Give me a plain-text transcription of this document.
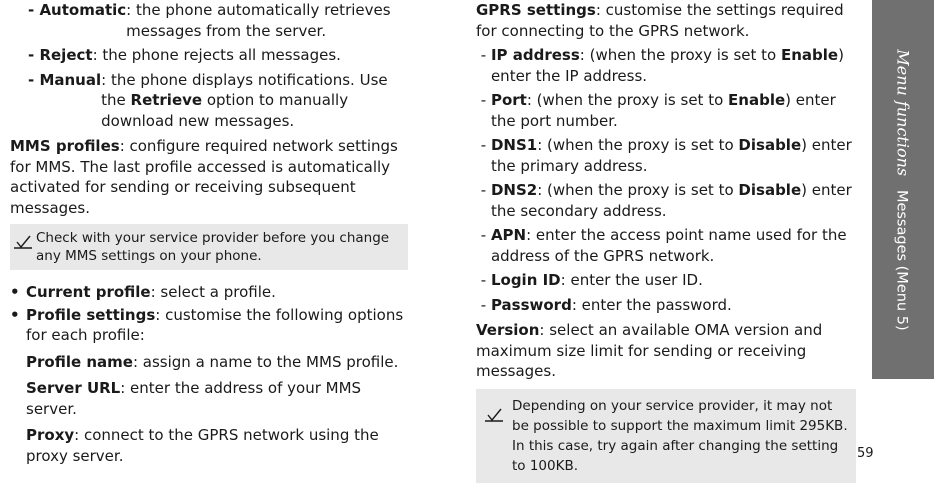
- Automatic : the phone automatically retrieves messages from the server.
- Reject : the phone rejects all messages.
- Manual : the phone displays notifications. Use the Retrieve option to manually download new messages.

MMS profiles: configure required network settings for MMS. The last profile accessed is automatically activated for sending or receiving subsequent messages.

Check with your service provider before you change any MMS settings on your phone.
• Current profile: select a profile.
• Profile settings: customise the following options for each profile:

Profile name: assign a name to the MMS profile.

Server URL: enter the address of your MMS server.

Proxy: connect to the GPRS network using the proxy server.

GPRS settings: customise the settings required for connecting to the GPRS network.

- IP address: (when the proxy is set to Enable) enter the IP address.
- Port: (when the proxy is set to Enable) enter the port number.
- DNS1: (when the proxy is set to Disable) enter the primary address.
- DNS2: (when the proxy is set to Disable) enter the secondary address.
- APN: enter the access point name used for the address of the GPRS network.
- Login ID: enter the user ID.
- Password: enter the password.

Version: select an available OMA version and maximum size limit for sending or receiving messages.

Depending on your service provider, it may not be possible to support the maximum limit 295KB. In this case, try again after changing the setting to 100KB.
Menu functions   Messages (Menu 5)
59
